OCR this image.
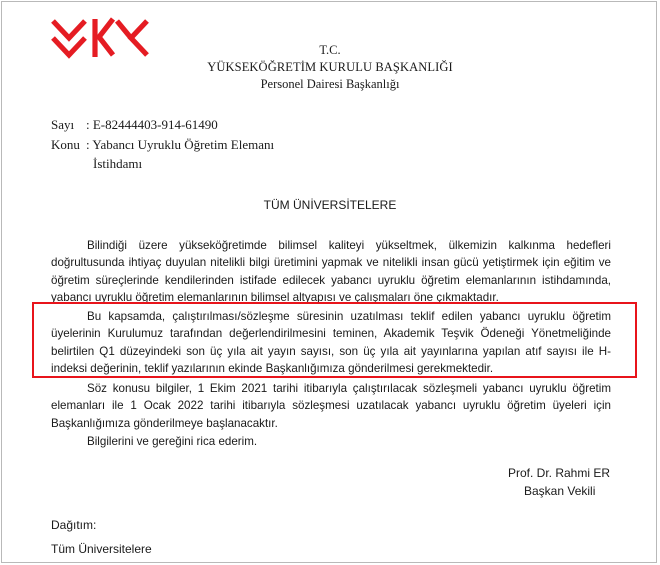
T.C.
YÜKSEKÖĞRETİM KURULU BAŞKANLIĞI
Personel Dairesi Başkanlığı
Sayı : E-82444403-914-61490
Konu : Yabancı Uyruklu Öğretim Elemanı
İstihdamı
TÜM ÜNİVERSİTELERE
Bilindiği üzere yükseköğretimde bilimsel kaliteyi yükseltmek, ülkemizin kalkınma hedefleri doğrultusunda ihtiyaç duyulan nitelikli bilgi üretimini yapmak ve nitelikli insan gücü yetiştirmek için eğitim ve öğretim süreçlerinde kendilerinden istifade edilecek yabancı uyruklu öğretim elemanlarının istihdamında, yabancı uyruklu öğretim elemanlarının bilimsel altyapısı ve çalışmaları öne çıkmaktadır.
Bu kapsamda, çalıştırılması/sözleşme süresinin uzatılması teklif edilen yabancı uyruklu öğretim üyelerinin Kurulumuz tarafından değerlendirilmesini teminen, Akademik Teşvik Ödeneği Yönetmeliğinde belirtilen Q1 düzeyindeki son üç yıla ait yayın sayısı, son üç yıla ait yayınlarına yapılan atıf sayısı ile H-indeksi değerinin, teklif yazılarının ekinde Başkanlığımıza gönderilmesi gerekmektedir.
Söz konusu bilgiler, 1 Ekim 2021 tarihi itibarıyla çalıştırılacak sözleşmeli yabancı uyruklu öğretim elemanları ile 1 Ocak 2022 tarihi itibarıyla sözleşmesi uzatılacak yabancı uyruklu öğretim üyeleri için Başkanlığımıza gönderilmeye başlanacaktır.
Bilgilerini ve gereğini rica ederim.
Prof. Dr. Rahmi ER
Başkan Vekili
Dağıtım:
Tüm Üniversitelere
